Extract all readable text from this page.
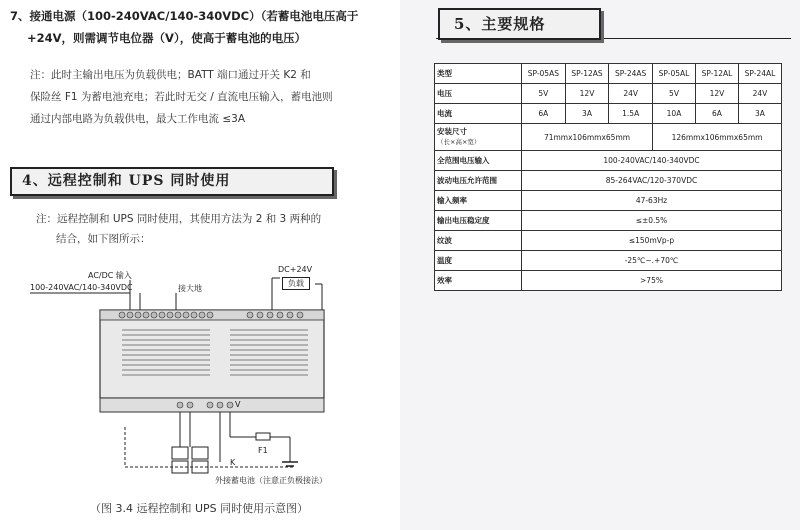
7、接通电源（100-240VAC/140-340VDC）（若蓄电池电压高于
+24V，则需调节电位器（V），使高于蓄电池的电压）
注：此时主输出电压为负载供电；BATT 端口通过开关 K2 和
保险丝 F1 为蓄电池充电；若此时无交 / 直流电压输入，蓄电池则
通过内部电路为负载供电，最大工作电流 ≤3A
4、远程控制和 UPS 同时使用
注：远程控制和 UPS 同时使用，其使用方法为 2 和 3 两种的
结合，如下图所示：
AC/DC 输入
100-240VAC/140-340VDC	接大地
DC+24V
负载
V
F1
K
外接蓄电池（注意正负极接法）
（图 3.4 远程控制和 UPS 同时使用示意图）
5、主要规格
类型	SP-05AS	SP-12AS	SP-24AS	SP-05AL	SP-12AL	SP-24AL
电压	5V	12V	24V	5V	12V	24V
电流	6A	3A	1.5A	10A	6A	3A

安装尺寸
（长×高×宽）	71mmx106mmx65mm			126mmx106mmx65mm		
全范围电压输入	100-240VAC/140-340VDC					
波动电压允许范围	85-264VAC/120-370VDC					
输入频率	47-63Hz					
输出电压稳定度	≤±0.5%					
纹波	≤150mVp-p					
温度	-25℃~.+70℃					
效率	>75%					
